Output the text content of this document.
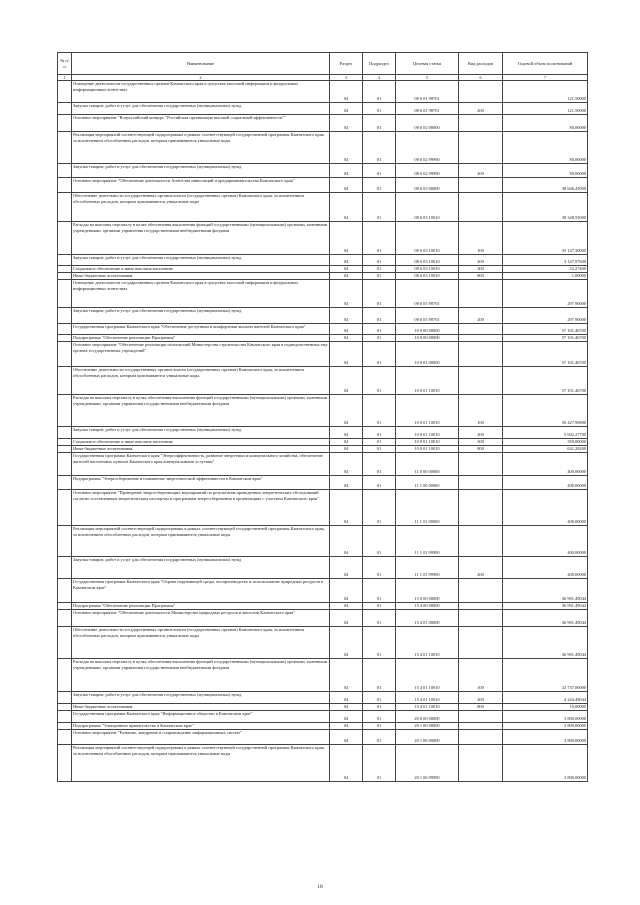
№ п/п	Наименование	Раздел	Подраздел	Целевая статья	Вид расходов	Годовой объем ассигнований
1	2	3	4	5	6	7
	Освещение деятельности государственных органов Камчатского края в средствах массовой информации и федеральных информационных агентствах	04	01	08 6 01 98701		121,50000
	Закупка товаров, работ и услуг для обеспечения государственных (муниципальных) нужд	04	01	08 6 01 98701	200	121,50000
	Основное мероприятие "Всероссийский конкурс "Российская организация высокой социальной эффективности""	04	01	08 6 02 00000		80,00000
	Реализация мероприятий соответствующей подпрограммы в рамках соответствующей государственной программы Камчатского края, за исключением обособленных расходов, которым присваиваются уникальные коды	04	01	08 6 02 99990		80,00000
	Закупка товаров, работ и услуг для обеспечения государственных (муниципальных) нужд	04	01	08 6 02 99990	200	80,00000
	Основное мероприятие "Обеспечение деятельности Агентства инвестиций и предпринимательства Камчатского края"	04	01	08 6 03 00000		38 646,45000
	Обеспечение деятельности государственных органов власти (государственных органов) Камчатского края, за исключением обособленных расходов, которым присваиваются уникальные коды	04	01	08 6 03 10010		38 348,55000
	Расходы на выплаты персоналу в целях обеспечения выполнения функций государственными (муниципальными) органами, казенными учреждениями, органами управления государственными внебюджетными фондами	04	01	08 6 03 10010	100	35 147,30000
	Закупка товаров, работ и услуг для обеспечения государственных (муниципальных) нужд	04	01	08 6 03 10010	200	3 147,97600
	Социальное обеспечение и иные выплаты населению	04	01	08 6 03 10010	300	52,27400
	Иные бюджетные ассигнования	04	01	08 6 03 10010	800	1,00000
	Освещение деятельности государственных органов Камчатского края в средствах массовой информации и федеральных информационных агентствах	04	01	08 6 03 98701		297,90000
	Закупка товаров, работ и услуг для обеспечения государственных (муниципальных) нужд	04	01	08 6 03 98701	200	297,90000
	Государственная программа Камчатского края "Обеспечение доступным и комфортным жильем жителей Камчатского края"	04	01	10 0 00 00000		57 101,46700
	Подпрограмма "Обеспечение реализации Программы"	04	01	10 8 00 00000		57 101,46700
	Основное мероприятие "Обеспечение реализации полномочий Министерства строительства Камчатского края в подведомственных ему органах государственных учреждений"	04	01	10 8 01 00000		57 101,46700
	Обеспечение деятельности государственных органов власти (государственных органов) Камчатского края, за исключением обособленных расходов, которым присваиваются уникальные коды.	04	01	10 8 01 10010		57 101,46700
	Расходы на выплаты персоналу в целях обеспечения выполнения функций государственными (муниципальными) органами, казенными учреждениями, органами управления государственными внебюджетными фондами	04	01	10 8 01 10010	100	50 427,90800
	Закупка товаров, работ и услуг для обеспечения государственных (муниципальных) нужд	04	01	10 8 01 10010	200	5 692,27700
	Социальное обеспечение и иные выплаты населению	04	01	10 8 01 10010	300	350,00000
	Иные бюджетные ассигнования	04	01	10 8 01 10010	800	631,28200
	Государственная программа Камчатского края "Энергоэффективность, развитие энергетики и коммунального хозяйства, обеспечение жителей населенных пунктов Камчатского края коммунальными услугами"	04	01	11 0 00 00000		400,00000
	Подпрограмма "Энергосбережение и повышение энергетической эффективности в Камчатском крае"	04	01	11 1 00 00000		400,00000
	Основное мероприятие "Проведение энергосберегающих мероприятий по результатам проведенных энергетических обследований согласно составленным энергетическим паспортам и программам энергосбережения в организациях с участием Камчатского края"	04	01	11 1 01 00000		400,00000
	Реализация мероприятий соответствующей подпрограммы в рамках соответствующей государственной программы Камчатского края, за исключением обособленных расходов, которым присваиваются уникальные коды	04	01	11 1 01 99990		400,00000
	Закупка товаров, работ и услуг для обеспечения государственных (муниципальных) нужд	04	01	11 1 01 99990	200	400,00000
	Государственная программа Камчатского края "Охрана окружающей среды, воспроизводство и использование природных ресурсов в Камчатском крае"	04	01	15 0 00 00000		36 991,49044
	Подпрограмма "Обеспечение реализации Программы"	04	01	15 4 00 00000		36 991,49044
	Основное мероприятие "Обеспечение деятельности Министерства природных ресурсов и экологии Камчатского края"	04	01	15 4 01 00000		36 991,49044
	Обеспечение деятельности государственных органов власти (государственных органов) Камчатского края, за исключением обособленных расходов, которым присваиваются уникальные коды	04	01	15 4 01 10010		36 991,49044
	Расходы на выплаты персоналу в целях обеспечения выполнения функций государственными (муниципальными) органами, казенными учреждениями, органами управления государственными внебюджетными фондами	04	01	15 4 01 10010	100	32 737,00000
	Закупка товаров, работ и услуг для обеспечения государственных (муниципальных) нужд	04	01	15 4 01 10010	200	4 244,49044
	Иные бюджетные ассигнования	04	01	15 4 01 10010	800	10,00000
	Государственная программа Камчатского края "Информационное общество в Камчатском крае"	04	01	20 0 00 00000		3 800,00000
	Подпрограмма "Электронное правительство в Камчатском крае"	04	01	20 1 00 00000		3 800,00000
	Основное мероприятие "Развитие, внедрение и сопровождение информационных систем"	04	01	20 1 06 00000		3 800,00000
	Реализация мероприятий соответствующей подпрограммы в рамках соответствующей государственной программы Камчатского края, за исключением обособленных расходов, которым присваиваются уникальные коды	04	01	20 1 06 99990		3 800,00000
18
